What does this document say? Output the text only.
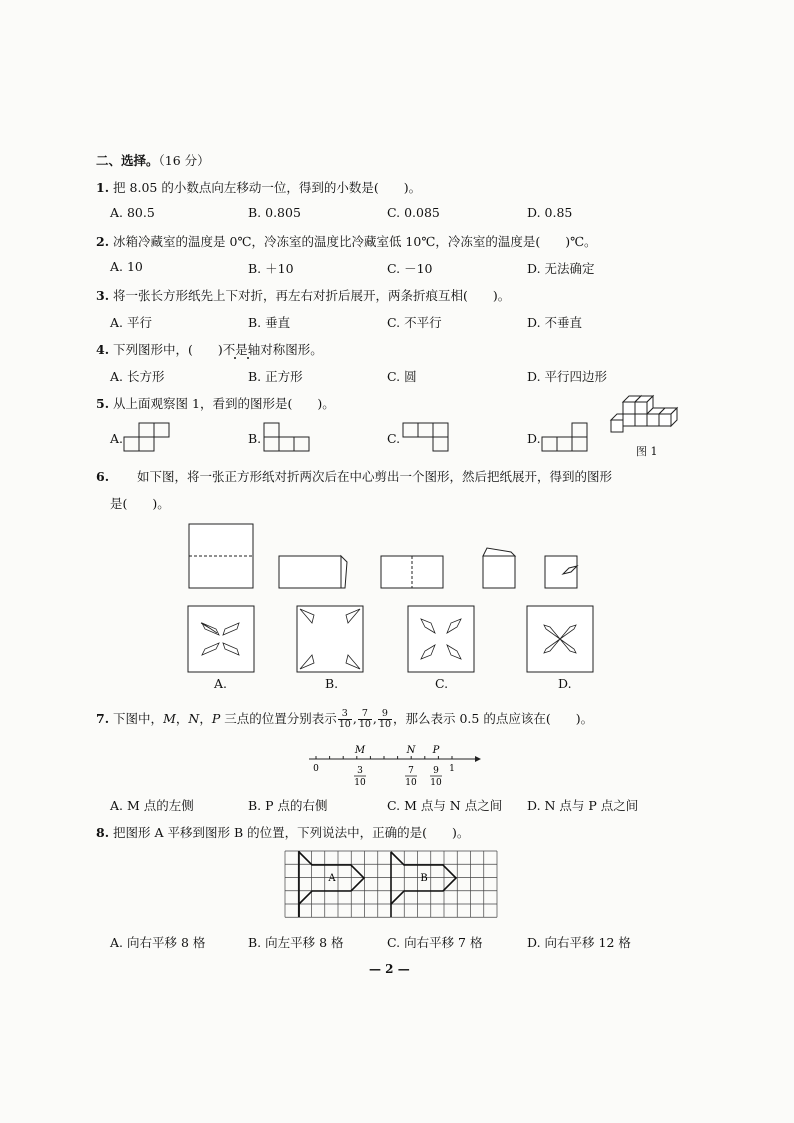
二、选择。（16 分）
1. 把 8.05 的小数点向左移动一位，得到的小数是(　　)。
A. 80.5	B. 0.805	C. 0.085	D. 0.85
2. 冰箱冷藏室的温度是 0℃，冷冻室的温度比冷藏室低 10℃，冷冻室的温度是(　　)℃。
A. 10	B. ＋10	C. －10	D. 无法确定
3. 将一张长方形纸先上下对折，再左右对折后展开，两条折痕互相(　　)。
A. 平行	B. 垂直	C. 不平行	D. 不垂直
4. 下列图形中，(　　)不是轴对称图形。
A. 长方形	B. 正方形	C. 圆	D. 平行四边形
5. 从上面观察图 1，看到的图形是(　　)。
A.	B.	C.	D.
图 1
6. 如下图，将一张正方形纸对折两次后在中心剪出一个图形，然后把纸展开，得到的图形
是(　　)。
A.	B.	C.	D.
7. 下图中，M，N，P 三点的位置分别表示 $\frac{3}{10}$ , $\frac{7}{10}$ , $\frac{9}{10}$ ，那么表示 0.5 的点应该在(　　)。
0	1
M	N P
3
10
7
10
9
10
A. M 点的左侧	B. P 点的右侧	C. M 点与 N 点之间 D. N 点与 P 点之间
8. 把图形 A 平移到图形 B 的位置，下列说法中，正确的是(　　)。
A	B
A. 向右平移 8 格	B. 向左平移 8 格	C. 向右平移 7 格	D. 向右平移 12 格
— 2 —
